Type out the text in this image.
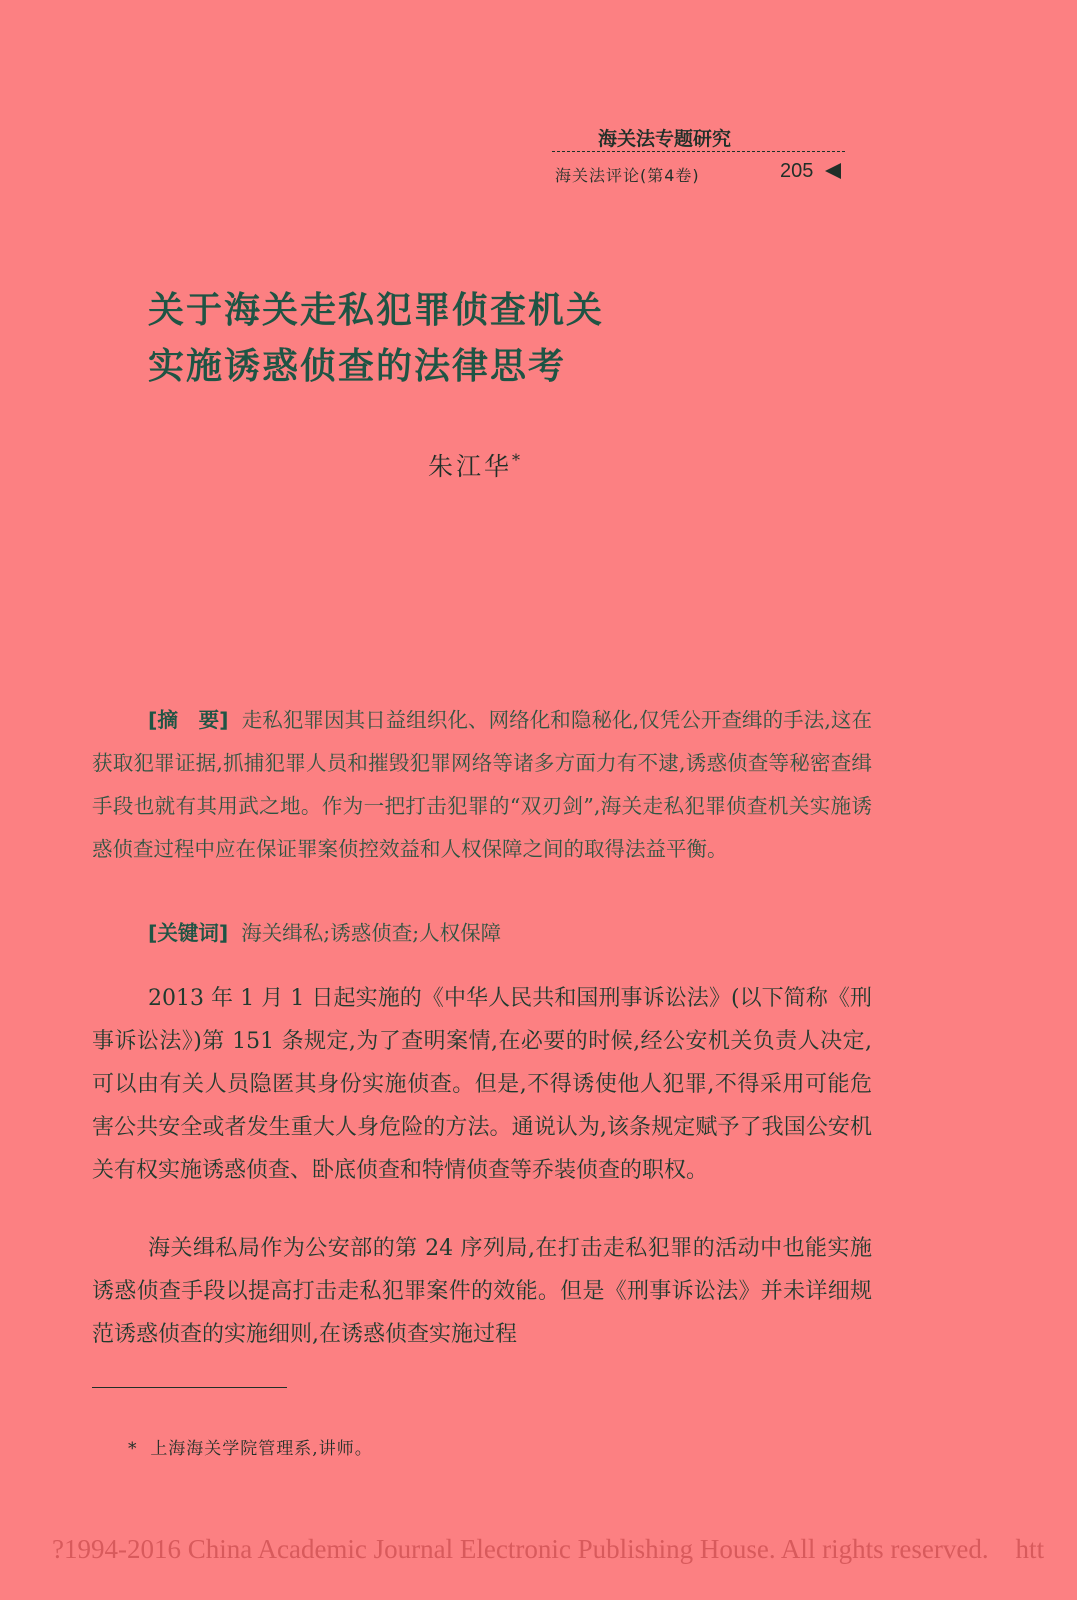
海关法专题研究
海关法评论(第4卷)	205
关于海关走私犯罪侦查机关
实施诱惑侦查的法律思考
朱江华*
[摘　要] 走私犯罪因其日益组织化、网络化和隐秘化,仅凭公开查缉的手法,这在获取犯罪证据,抓捕犯罪人员和摧毁犯罪网络等诸多方面力有不逮,诱惑侦查等秘密查缉手段也就有其用武之地。作为一把打击犯罪的“双刃剑”,海关走私犯罪侦查机关实施诱惑侦查过程中应在保证罪案侦控效益和人权保障之间的取得法益平衡。
[关键词] 海关缉私;诱惑侦查;人权保障
2013 年 1 月 1 日起实施的《中华人民共和国刑事诉讼法》(以下简称《刑事诉讼法》)第 151 条规定,为了查明案情,在必要的时候,经公安机关负责人决定,可以由有关人员隐匿其身份实施侦查。但是,不得诱使他人犯罪,不得采用可能危害公共安全或者发生重大人身危险的方法。通说认为,该条规定赋予了我国公安机关有权实施诱惑侦查、卧底侦查和特情侦查等乔装侦查的职权。
海关缉私局作为公安部的第 24 序列局,在打击走私犯罪的活动中也能实施诱惑侦查手段以提高打击走私犯罪案件的效能。但是《刑事诉讼法》并未详细规范诱惑侦查的实施细则,在诱惑侦查实施过程
* 上海海关学院管理系,讲师。
?1994-2016 China Academic Journal Electronic Publishing House. All rights reserved.　htt
